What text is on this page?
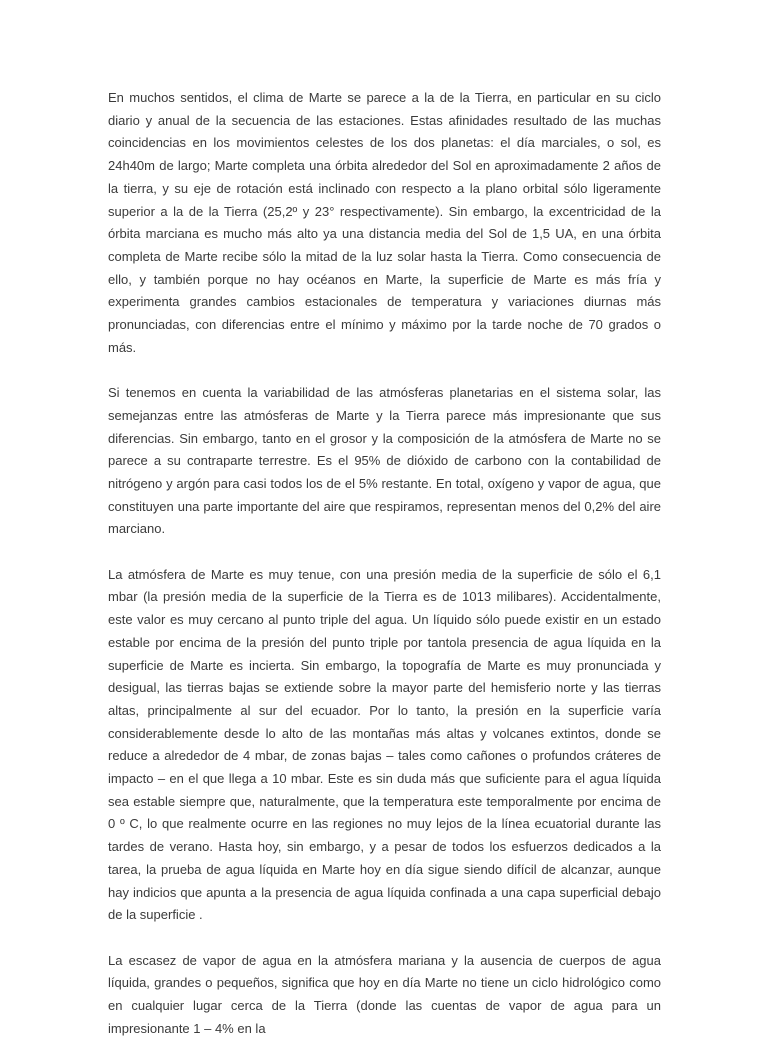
En muchos sentidos, el clima de Marte se parece a la de la Tierra, en particular en su ciclo diario y anual de la secuencia de las estaciones. Estas afinidades resultado de las muchas coincidencias en los movimientos celestes de los dos planetas: el día marciales, o sol, es 24h40m de largo; Marte completa una órbita alrededor del Sol en aproximadamente 2 años de la tierra, y su eje de rotación está inclinado con respecto a la plano orbital sólo ligeramente superior a la de la Tierra (25,2º y 23° respectivamente). Sin embargo, la excentricidad de la órbita marciana es mucho más alto ya una distancia media del Sol de 1,5 UA, en una órbita completa de Marte recibe sólo la mitad de la luz solar hasta la Tierra. Como consecuencia de ello, y también porque no hay océanos en Marte, la superficie de Marte es más fría y experimenta grandes cambios estacionales de temperatura y variaciones diurnas más pronunciadas, con diferencias entre el mínimo y máximo por la tarde noche de 70 grados o más.

Si tenemos en cuenta la variabilidad de las atmósferas planetarias en el sistema solar, las semejanzas entre las atmósferas de Marte y la Tierra parece más impresionante que sus diferencias. Sin embargo, tanto en el grosor y la composición de la atmósfera de Marte no se parece a su contraparte terrestre. Es el 95% de dióxido de carbono con la contabilidad de nitrógeno y argón para casi todos los de el 5% restante. En total, oxígeno y vapor de agua, que constituyen una parte importante del aire que respiramos, representan menos del 0,2% del aire marciano.

La atmósfera de Marte es muy tenue, con una presión media de la superficie de sólo el 6,1 mbar (la presión media de la superficie de la Tierra es de 1013 milibares). Accidentalmente, este valor es muy cercano al punto triple del agua. Un líquido sólo puede existir en un estado estable por encima de la presión del punto triple por tantola presencia de agua líquida en la superficie de Marte es incierta. Sin embargo, la topografía de Marte es muy pronunciada y desigual, las tierras bajas se extiende sobre la mayor parte del hemisferio norte y las tierras altas, principalmente al sur del ecuador. Por lo tanto, la presión en la superficie varía considerablemente desde lo alto de las montañas más altas y volcanes extintos, donde se reduce a alrededor de 4 mbar, de zonas bajas – tales como cañones o profundos cráteres de impacto – en el que llega a 10 mbar. Este es sin duda más que suficiente para el agua líquida sea estable siempre que, naturalmente, que la temperatura este temporalmente por encima de 0 º C, lo que realmente ocurre en las regiones no muy lejos de la línea ecuatorial durante las tardes de verano. Hasta hoy, sin embargo, y a pesar de todos los esfuerzos dedicados a la tarea, la prueba de agua líquida en Marte hoy en día sigue siendo difícil de alcanzar, aunque hay indicios que apunta a la presencia de agua líquida confinada a una capa superficial debajo de la superficie .

La escasez de vapor de agua en la atmósfera mariana y la ausencia de cuerpos de agua líquida, grandes o pequeños, significa que hoy en día Marte no tiene un ciclo hidrológico como en cualquier lugar cerca de la Tierra (donde las cuentas de vapor de agua para un impresionante 1 – 4% en la
